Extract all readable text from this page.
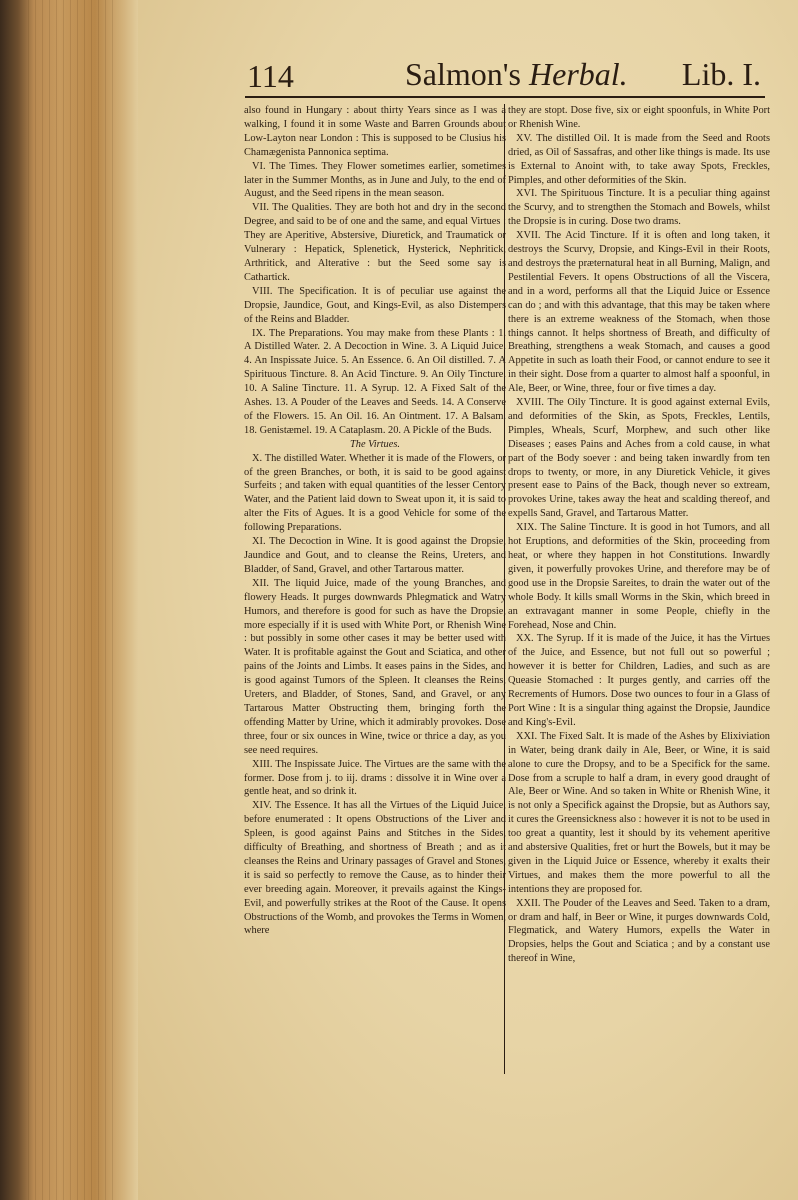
114	Salmon's Herbal. Lib. I.

also found in Hungary : about thirty Years since as I was a walking, I found it in some Waste and Barren Grounds about Low-Layton near London : This is supposed to be Clusius his Chamægenista Pannonica septima.

VI. The Times. They Flower sometimes earlier, sometimes later in the Summer Months, as in June and July, to the end of August, and the Seed ripens in the mean season.

VII. The Qualities. They are both hot and dry in the second Degree, and said to be of one and the same, and equal Virtues : They are Aperitive, Abstersive, Diuretick, and Traumatick or Vulnerary : Hepatick, Splenetick, Hysterick, Nephritick, Arthritick, and Alterative : but the Seed some say is Cathartick.

VIII. The Specification. It is of peculiar use against the Dropsie, Jaundice, Gout, and Kings-Evil, as also Distempers of the Reins and Bladder.

IX. The Preparations. You may make from these Plants : 1. A Distilled Water. 2. A Decoction in Wine. 3. A Liquid Juice. 4. An Inspissate Juice. 5. An Essence. 6. An Oil distilled. 7. A Spirituous Tincture. 8. An Acid Tincture. 9. An Oily Tincture. 10. A Saline Tincture. 11. A Syrup. 12. A Fixed Salt of the Ashes. 13. A Pouder of the Leaves and Seeds. 14. A Conserve of the Flowers. 15. An Oil. 16. An Ointment. 17. A Balsam. 18. Genistæmel. 19. A Cataplasm. 20. A Pickle of the Buds.

The Virtues.

X. The distilled Water. Whether it is made of the Flowers, or of the green Branches, or both, it is said to be good against Surfeits ; and taken with equal quantities of the lesser Centory Water, and the Patient laid down to Sweat upon it, it is said to alter the Fits of Agues. It is a good Vehicle for some of the following Preparations.

XI. The Decoction in Wine. It is good against the Dropsie, Jaundice and Gout, and to cleanse the Reins, Ureters, and Bladder, of Sand, Gravel, and other Tartarous matter.

XII. The liquid Juice, made of the young Branches, and flowery Heads. It purges downwards Phlegmatick and Watry Humors, and therefore is good for such as have the Dropsie, more especially if it is used with White Port, or Rhenish Wine : but possibly in some other cases it may be better used with Water. It is profitable against the Gout and Sciatica, and other pains of the Joints and Limbs. It eases pains in the Sides, and is good against Tumors of the Spleen. It cleanses the Reins, Ureters, and Bladder, of Stones, Sand, and Gravel, or any Tartarous Matter Obstructing them, bringing forth the offending Matter by Urine, which it admirably provokes. Dose three, four or six ounces in Wine, twice or thrice a day, as you see need requires.

XIII. The Inspissate Juice. The Virtues are the same with the former. Dose from j. to iij. drams : dissolve it in Wine over a gentle heat, and so drink it.

XIV. The Essence. It has all the Virtues of the Liquid Juice, before enumerated : It opens Obstructions of the Liver and Spleen, is good against Pains and Stitches in the Sides, difficulty of Breathing, and shortness of Breath ; and as it cleanses the Reins and Urinary passages of Gravel and Stones, it is said so perfectly to remove the Cause, as to hinder their ever breeding again. Moreover, it prevails against the Kings-Evil, and powerfully strikes at the Root of the Cause. It opens Obstructions of the Womb, and provokes the Terms in Women, where

they are stopt. Dose five, six or eight spoonfuls, in White Port or Rhenish Wine.

XV. The distilled Oil. It is made from the Seed and Roots dried, as Oil of Sassafras, and other like things is made. Its use is External to Anoint with, to take away Spots, Freckles, Pimples, and other deformities of the Skin.

XVI. The Spirituous Tincture. It is a peculiar thing against the Scurvy, and to strengthen the Stomach and Bowels, whilst the Dropsie is in curing. Dose two drams.

XVII. The Acid Tincture. If it is often and long taken, it destroys the Scurvy, Dropsie, and Kings-Evil in their Roots, and destroys the præternatural heat in all Burning, Malign, and Pestilential Fevers. It opens Obstructions of all the Viscera, and in a word, performs all that the Liquid Juice or Essence can do ; and with this advantage, that this may be taken where there is an extreme weakness of the Stomach, when those things cannot. It helps shortness of Breath, and difficulty of Breathing, strengthens a weak Stomach, and causes a good Appetite in such as loath their Food, or cannot endure to see it in their sight. Dose from a quarter to almost half a spoonful, in Ale, Beer, or Wine, three, four or five times a day.

XVIII. The Oily Tincture. It is good against external Evils, and deformities of the Skin, as Spots, Freckles, Lentils, Pimples, Wheals, Scurf, Morphew, and such other like Diseases ; eases Pains and Aches from a cold cause, in what part of the Body soever : and being taken inwardly from ten drops to twenty, or more, in any Diuretick Vehicle, it gives present ease to Pains of the Back, though never so extream, provokes Urine, takes away the heat and scalding thereof, and expells Sand, Gravel, and Tartarous Matter.

XIX. The Saline Tincture. It is good in hot Tumors, and all hot Eruptions, and deformities of the Skin, proceeding from heat, or where they happen in hot Constitutions. Inwardly given, it powerfully provokes Urine, and therefore may be of good use in the Dropsie Sareites, to drain the water out of the whole Body. It kills small Worms in the Skin, which breed in an extravagant manner in some People, chiefly in the Forehead, Nose and Chin.

XX. The Syrup. If it is made of the Juice, it has the Virtues of the Juice, and Essence, but not full out so powerful ; however it is better for Children, Ladies, and such as are Queasie Stomached : It purges gently, and carries off the Recrements of Humors. Dose two ounces to four in a Glass of Port Wine : It is a singular thing against the Dropsie, Jaundice and King's-Evil.

XXI. The Fixed Salt. It is made of the Ashes by Elixiviation in Water, being drank daily in Ale, Beer, or Wine, it is said alone to cure the Dropsy, and to be a Specifick for the same. Dose from a scruple to half a dram, in every good draught of Ale, Beer or Wine. And so taken in White or Rhenish Wine, it is not only a Specifick against the Dropsie, but as Authors say, it cures the Greensickness also : however it is not to be used in too great a quantity, lest it should by its vehement aperitive and abstersive Qualities, fret or hurt the Bowels, but it may be given in the Liquid Juice or Essence, whereby it exalts their Virtues, and makes them the more powerful to all the intentions they are proposed for.

XXII. The Pouder of the Leaves and Seed. Taken to a dram, or dram and half, in Beer or Wine, it purges downwards Cold, Flegmatick, and Watery Humors, expells the Water in Dropsies, helps the Gout and Sciatica ; and by a constant use thereof in Wine,
